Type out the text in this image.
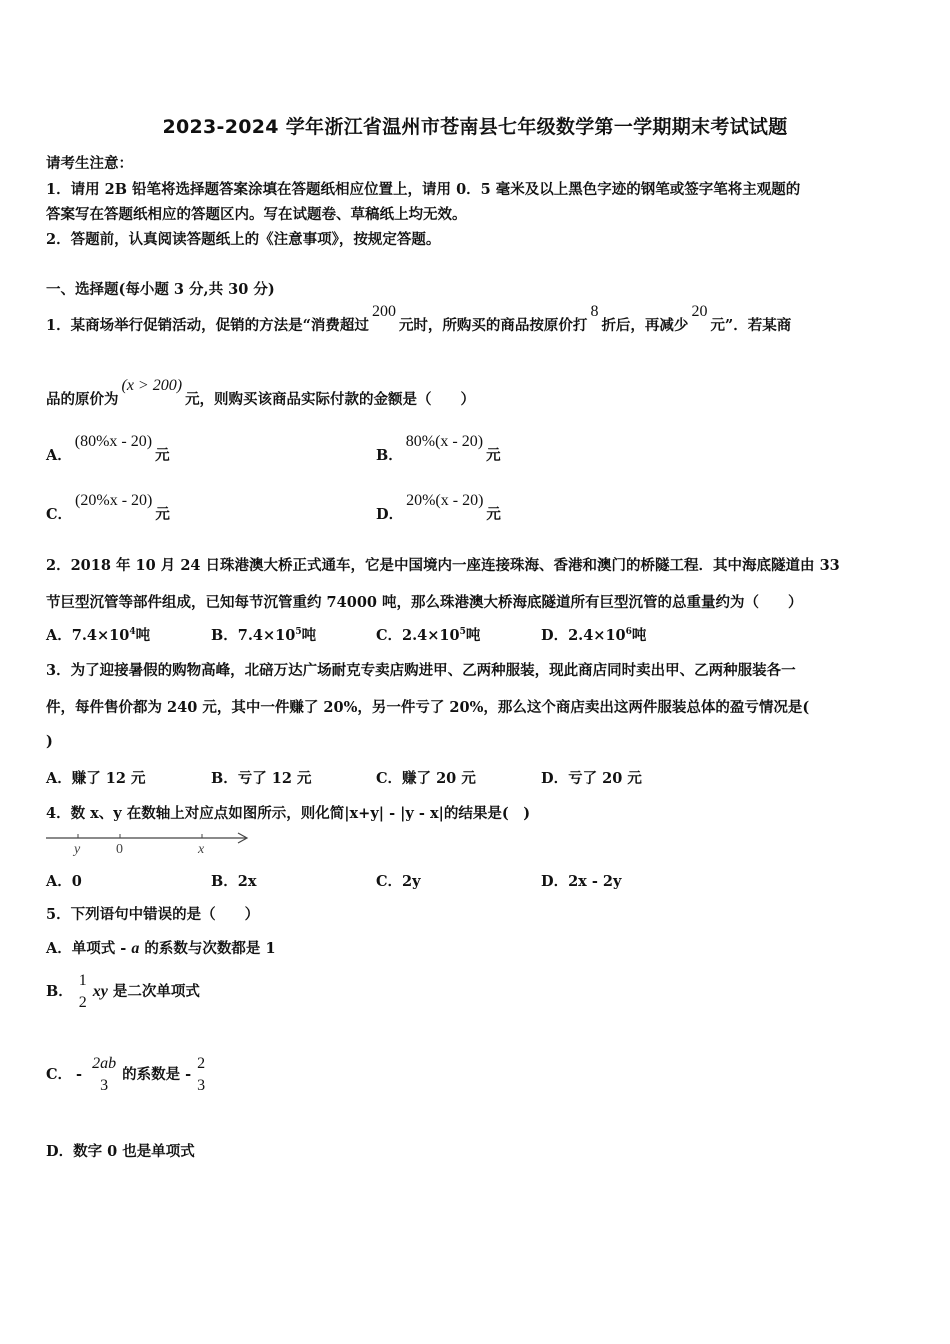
2023-2024 学年浙江省温州市苍南县七年级数学第一学期期末考试试题
请考生注意：
1．请用 2B 铅笔将选择题答案涂填在答题纸相应位置上，请用 0．5 毫米及以上黑色字迹的钢笔或签字笔将主观题的
答案写在答题纸相应的答题区内。写在试题卷、草稿纸上均无效。
2．答题前，认真阅读答题纸上的《注意事项》，按规定答题。
一、选择题(每小题 3 分,共 30 分)
1．某商场举行促销活动，促销的方法是“消费超过200元时，所购买的商品按原价打8折后，再减少20元”．若某商
品的原价为(x > 200)元，则购买该商品实际付款的金额是（　　）
A．(80%x - 20)元	B．80%(x - 20)元
C．(20%x - 20)元	D．20%(x - 20)元
2．2018 年 10 月 24 日珠港澳大桥正式通车，它是中国境内一座连接珠海、香港和澳门的桥隧工程．其中海底隧道由 33
节巨型沉管等部件组成，已知每节沉管重约 74000 吨，那么珠港澳大桥海底隧道所有巨型沉管的总重量约为（　　）
A．$7.4\times 10^4$吨	B．$7.4\times 10^5$吨	C．$2.4\times 10^5$吨	D．$2.4\times 10^6$吨
3．为了迎接暑假的购物高峰，北碚万达广场耐克专卖店购进甲、乙两种服装，现此商店同时卖出甲、乙两种服装各一
件，每件售价都为 240 元，其中一件赚了 20%，另一件亏了 20%，那么这个商店卖出这两件服装总体的盈亏情况是(
)
A．赚了 12 元	B．亏了 12 元	C．赚了 20 元	D．亏了 20 元
4．数 x、y 在数轴上对应点如图所示，则化简|x+y| - |y - x|的结果是(　)
y	0	x
A．0	B．2x	C．2y	D．2x - 2y
5．下列语句中错误的是（　　）
A．单项式 - a 的系数与次数都是 1
B．
1
2
xy 是二次单项式
C． -
2ab
3
的系数是 -
2
3
D．数字 0 也是单项式
